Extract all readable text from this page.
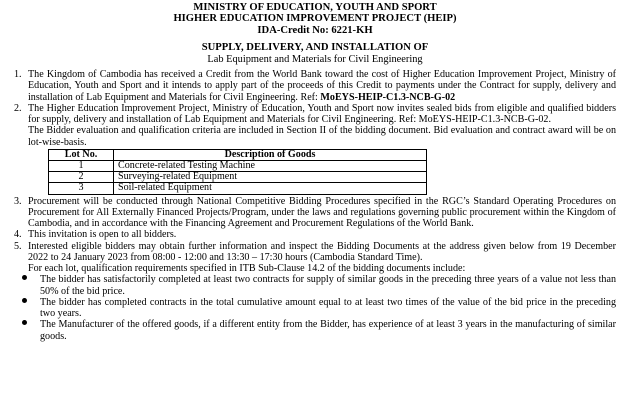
MINISTRY OF EDUCATION, YOUTH AND SPORT
HIGHER EDUCATION IMPROVEMENT PROJECT (HEIP)
IDA-Credit No: 6221-KH
SUPPLY, DELIVERY, AND INSTALLATION OF
Lab Equipment and Materials for Civil Engineering
1. The Kingdom of Cambodia has received a Credit from the World Bank toward the cost of Higher Education Improvement Project, Ministry of Education, Youth and Sport and it intends to apply part of the proceeds of this Credit to payments under the Contract for supply, delivery and installation of Lab Equipment and Materials for Civil Engineering. Ref: MoEYS-HEIP-C1.3-NCB-G-02
2. The Higher Education Improvement Project, Ministry of Education, Youth and Sport now invites sealed bids from eligible and qualified bidders for supply, delivery and installation of Lab Equipment and Materials for Civil Engineering. Ref: MoEYS-HEIP-C1.3-NCB-G-02.
The Bidder evaluation and qualification criteria are included in Section II of the bidding document. Bid evaluation and contract award will be on lot-wise-basis.
Lot No.	Description of Goods
1	Concrete-related Testing Machine
2	Surveying-related Equipment
3	Soil-related Equipment
3. Procurement will be conducted through National Competitive Bidding Procedures specified in the RGC’s Standard Operating Procedures on Procurement for All Externally Financed Projects/Program, under the laws and regulations governing public procurement within the Kingdom of Cambodia, and in accordance with the Financing Agreement and Procurement Regulations of the World Bank.
4. This invitation is open to all bidders.
5. Interested eligible bidders may obtain further information and inspect the Bidding Documents at the address given below from 19 December 2022 to 24 January 2023 from 08:00 - 12:00 and 13:30 – 17:30 hours (Cambodia Standard Time).
For each lot, qualification requirements specified in ITB Sub-Clause 14.2 of the bidding documents include:
The bidder has satisfactorily completed at least two contracts for supply of similar goods in the preceding three years of a value not less than 50% of the bid price.
The bidder has completed contracts in the total cumulative amount equal to at least two times of the value of the bid price in the preceding two years.
The Manufacturer of the offered goods, if a different entity from the Bidder, has experience of at least 3 years in the manufacturing of similar goods.
